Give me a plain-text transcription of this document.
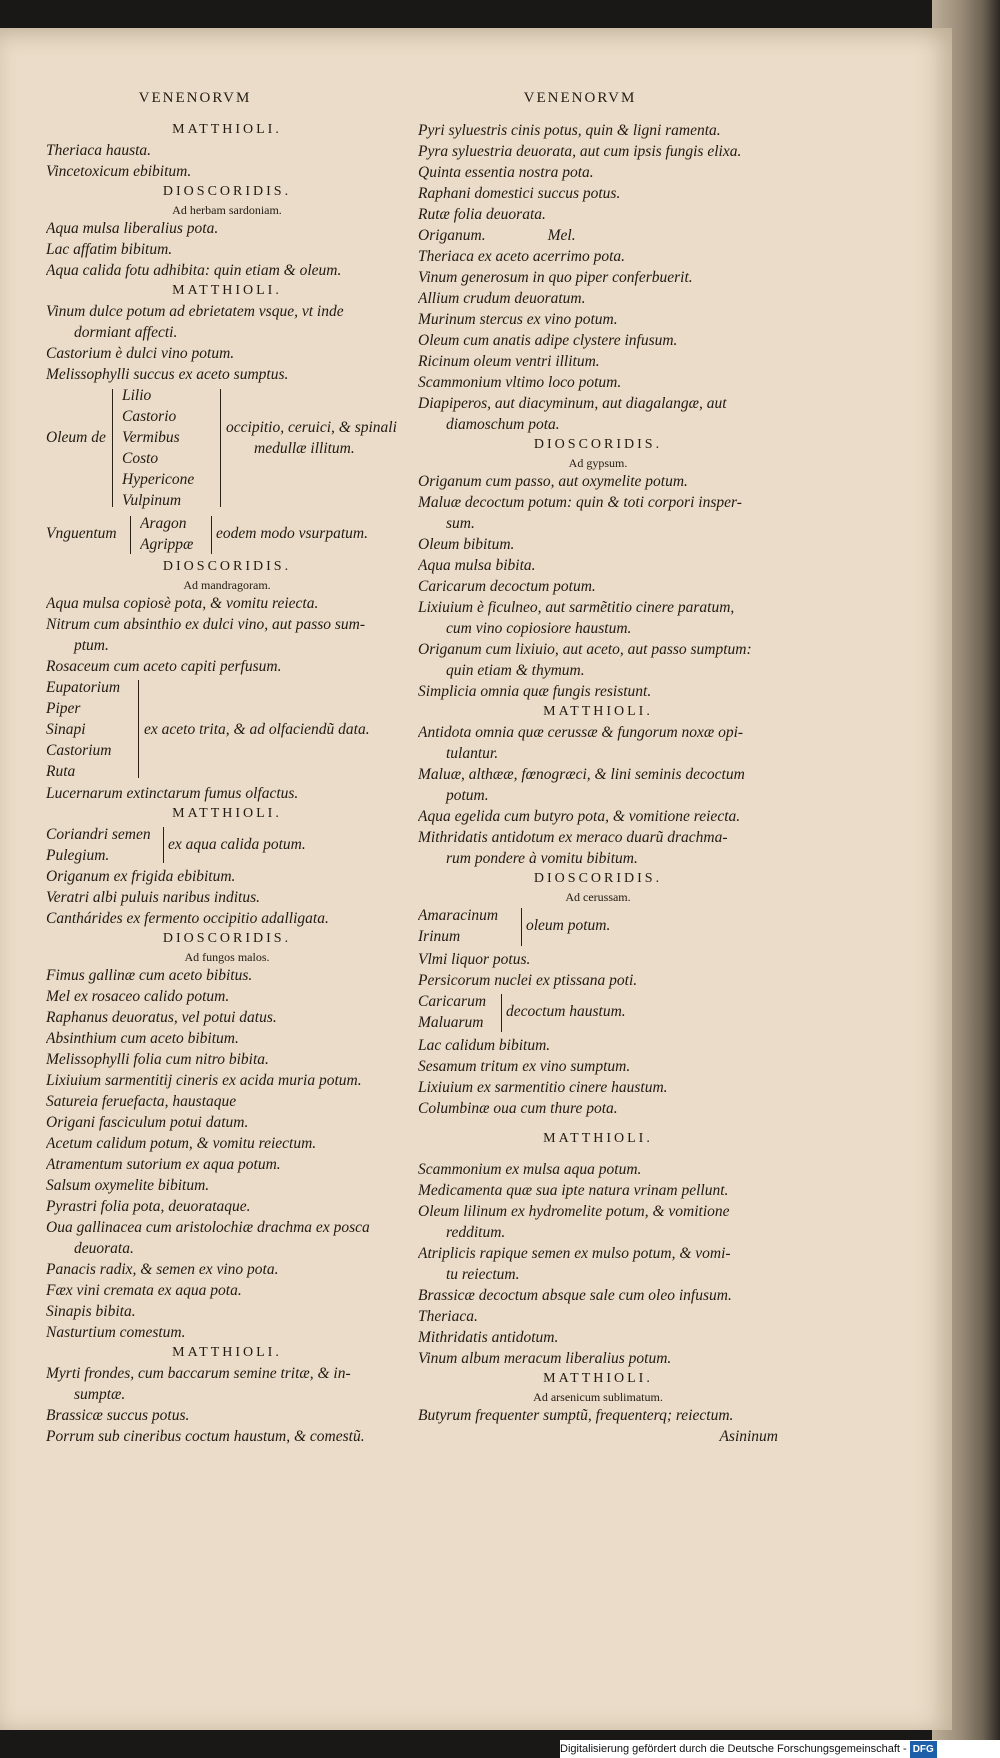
VENENORVM	VENENORVM
MATTHIOLI.
Theriaca hausta.
Vincetoxicum ebibitum.
DIOSCORIDIS.
Ad herbam sardoniam.
Aqua mulsa liberalius pota.
Lac affatim bibitum.
Aqua calida fotu adhibita: quin etiam & oleum.
MATTHIOLI.
Vinum dulce potum ad ebrietatem vsque, vt inde
dormiant affecti.
Castorium è dulci vino potum.
Melissophylli succus ex aceto sumptus.
Oleum de
Lilio
Castorio
Vermibus
Costo
Hypericone
Vulpinum
occipitio, ceruici, & spinali
medullæ illitum.
Vnguentum
Aragon
Agrippæ
eodem modo vsurpatum.
DIOSCORIDIS.
Ad mandragoram.
Aqua mulsa copiosè pota, & vomitu reiecta.
Nitrum cum absinthio ex dulci vino, aut passo sum-
ptum.
Rosaceum cum aceto capiti perfusum.
Eupatorium
Piper
Sinapi
Castorium
Ruta
ex aceto trita, & ad olfaciendũ data.
Lucernarum extinctarum fumus olfactus.
MATTHIOLI.
Coriandri semen
Pulegium.
ex aqua calida potum.
Origanum ex frigida ebibitum.
Veratri albi puluis naribus inditus.
Canthárides ex fermento occipitio adalligata.
DIOSCORIDIS.
Ad fungos malos.
Fimus gallinæ cum aceto bibitus.
Mel ex rosaceo calido potum.
Raphanus deuoratus, vel potui datus.
Absinthium cum aceto bibitum.
Melissophylli folia cum nitro bibita.
Lixiuium sarmentitij cineris ex acida muria potum.
Satureia feruefacta, haustaque
Origani fasciculum potui datum.
Acetum calidum potum, & vomitu reiectum.
Atramentum sutorium ex aqua potum.
Salsum oxymelite bibitum.
Pyrastri folia pota, deuorataque.
Oua gallinacea cum aristolochiæ drachma ex posca
deuorata.
Panacis radix, & semen ex vino pota.
Fæx vini cremata ex aqua pota.
Sinapis bibita.
Nasturtium comestum.
MATTHIOLI.
Myrti frondes, cum baccarum semine tritæ, & in-
sumptæ.
Brassicæ succus potus.
Porrum sub cineribus coctum haustum, & comestũ.
Pyri syluestris cinis potus, quin & ligni ramenta.
Pyra syluestria deuorata, aut cum ipsis fungis elixa.
Quinta essentia nostra pota.
Raphani domestici succus potus.
Rutæ folia deuorata.
Origanum.                Mel.
Theriaca ex aceto acerrimo pota.
Vinum generosum in quo piper conferbuerit.
Allium crudum deuoratum.
Murinum stercus ex vino potum.
Oleum cum anatis adipe clystere infusum.
Ricinum oleum ventri illitum.
Scammonium vltimo loco potum.
Diapiperos, aut diacyminum, aut diagalangæ, aut
diamoschum pota.
DIOSCORIDIS.
Ad gypsum.
Origanum cum passo, aut oxymelite potum.
Maluæ decoctum potum: quin & toti corpori insper-
sum.
Oleum bibitum.
Aqua mulsa bibita.
Caricarum decoctum potum.
Lixiuium è ficulneo, aut sarmẽtitio cinere paratum,
cum vino copiosiore haustum.
Origanum cum lixiuio, aut aceto, aut passo sumptum:
quin etiam & thymum.
Simplicia omnia quæ fungis resistunt.
MATTHIOLI.
Antidota omnia quæ cerussæ & fungorum noxæ opi-
tulantur.
Maluæ, althææ, fœnogræci, & lini seminis decoctum
potum.
Aqua egelida cum butyro pota, & vomitione reiecta.
Mithridatis antidotum ex meraco duarũ drachma-
rum pondere à vomitu bibitum.
DIOSCORIDIS.
Ad cerussam.
Amaracinum
Irinum
oleum potum.
Vlmi liquor potus.
Persicorum nuclei ex ptissana poti.
Caricarum
Maluarum
decoctum haustum.
Lac calidum bibitum.
Sesamum tritum ex vino sumptum.
Lixiuium ex sarmentitio cinere haustum.
Columbinæ oua cum thure pota.
MATTHIOLI.
Scammonium ex mulsa aqua potum.
Medicamenta quæ sua ipte natura vrinam pellunt.
Oleum lilinum ex hydromelite potum, & vomitione
redditum.
Atriplicis rapique semen ex mulso potum, & vomi-
tu reiectum.
Brassicæ decoctum absque sale cum oleo infusum.
Theriaca.
Mithridatis antidotum.
Vinum album meracum liberalius potum.
MATTHIOLI.
Ad arsenicum sublimatum.
Butyrum frequenter sumptũ, frequenterq; reiectum.
Asininum
Digitalisierung gefördert durch die Deutsche Forschungsgemeinschaft - DFG
